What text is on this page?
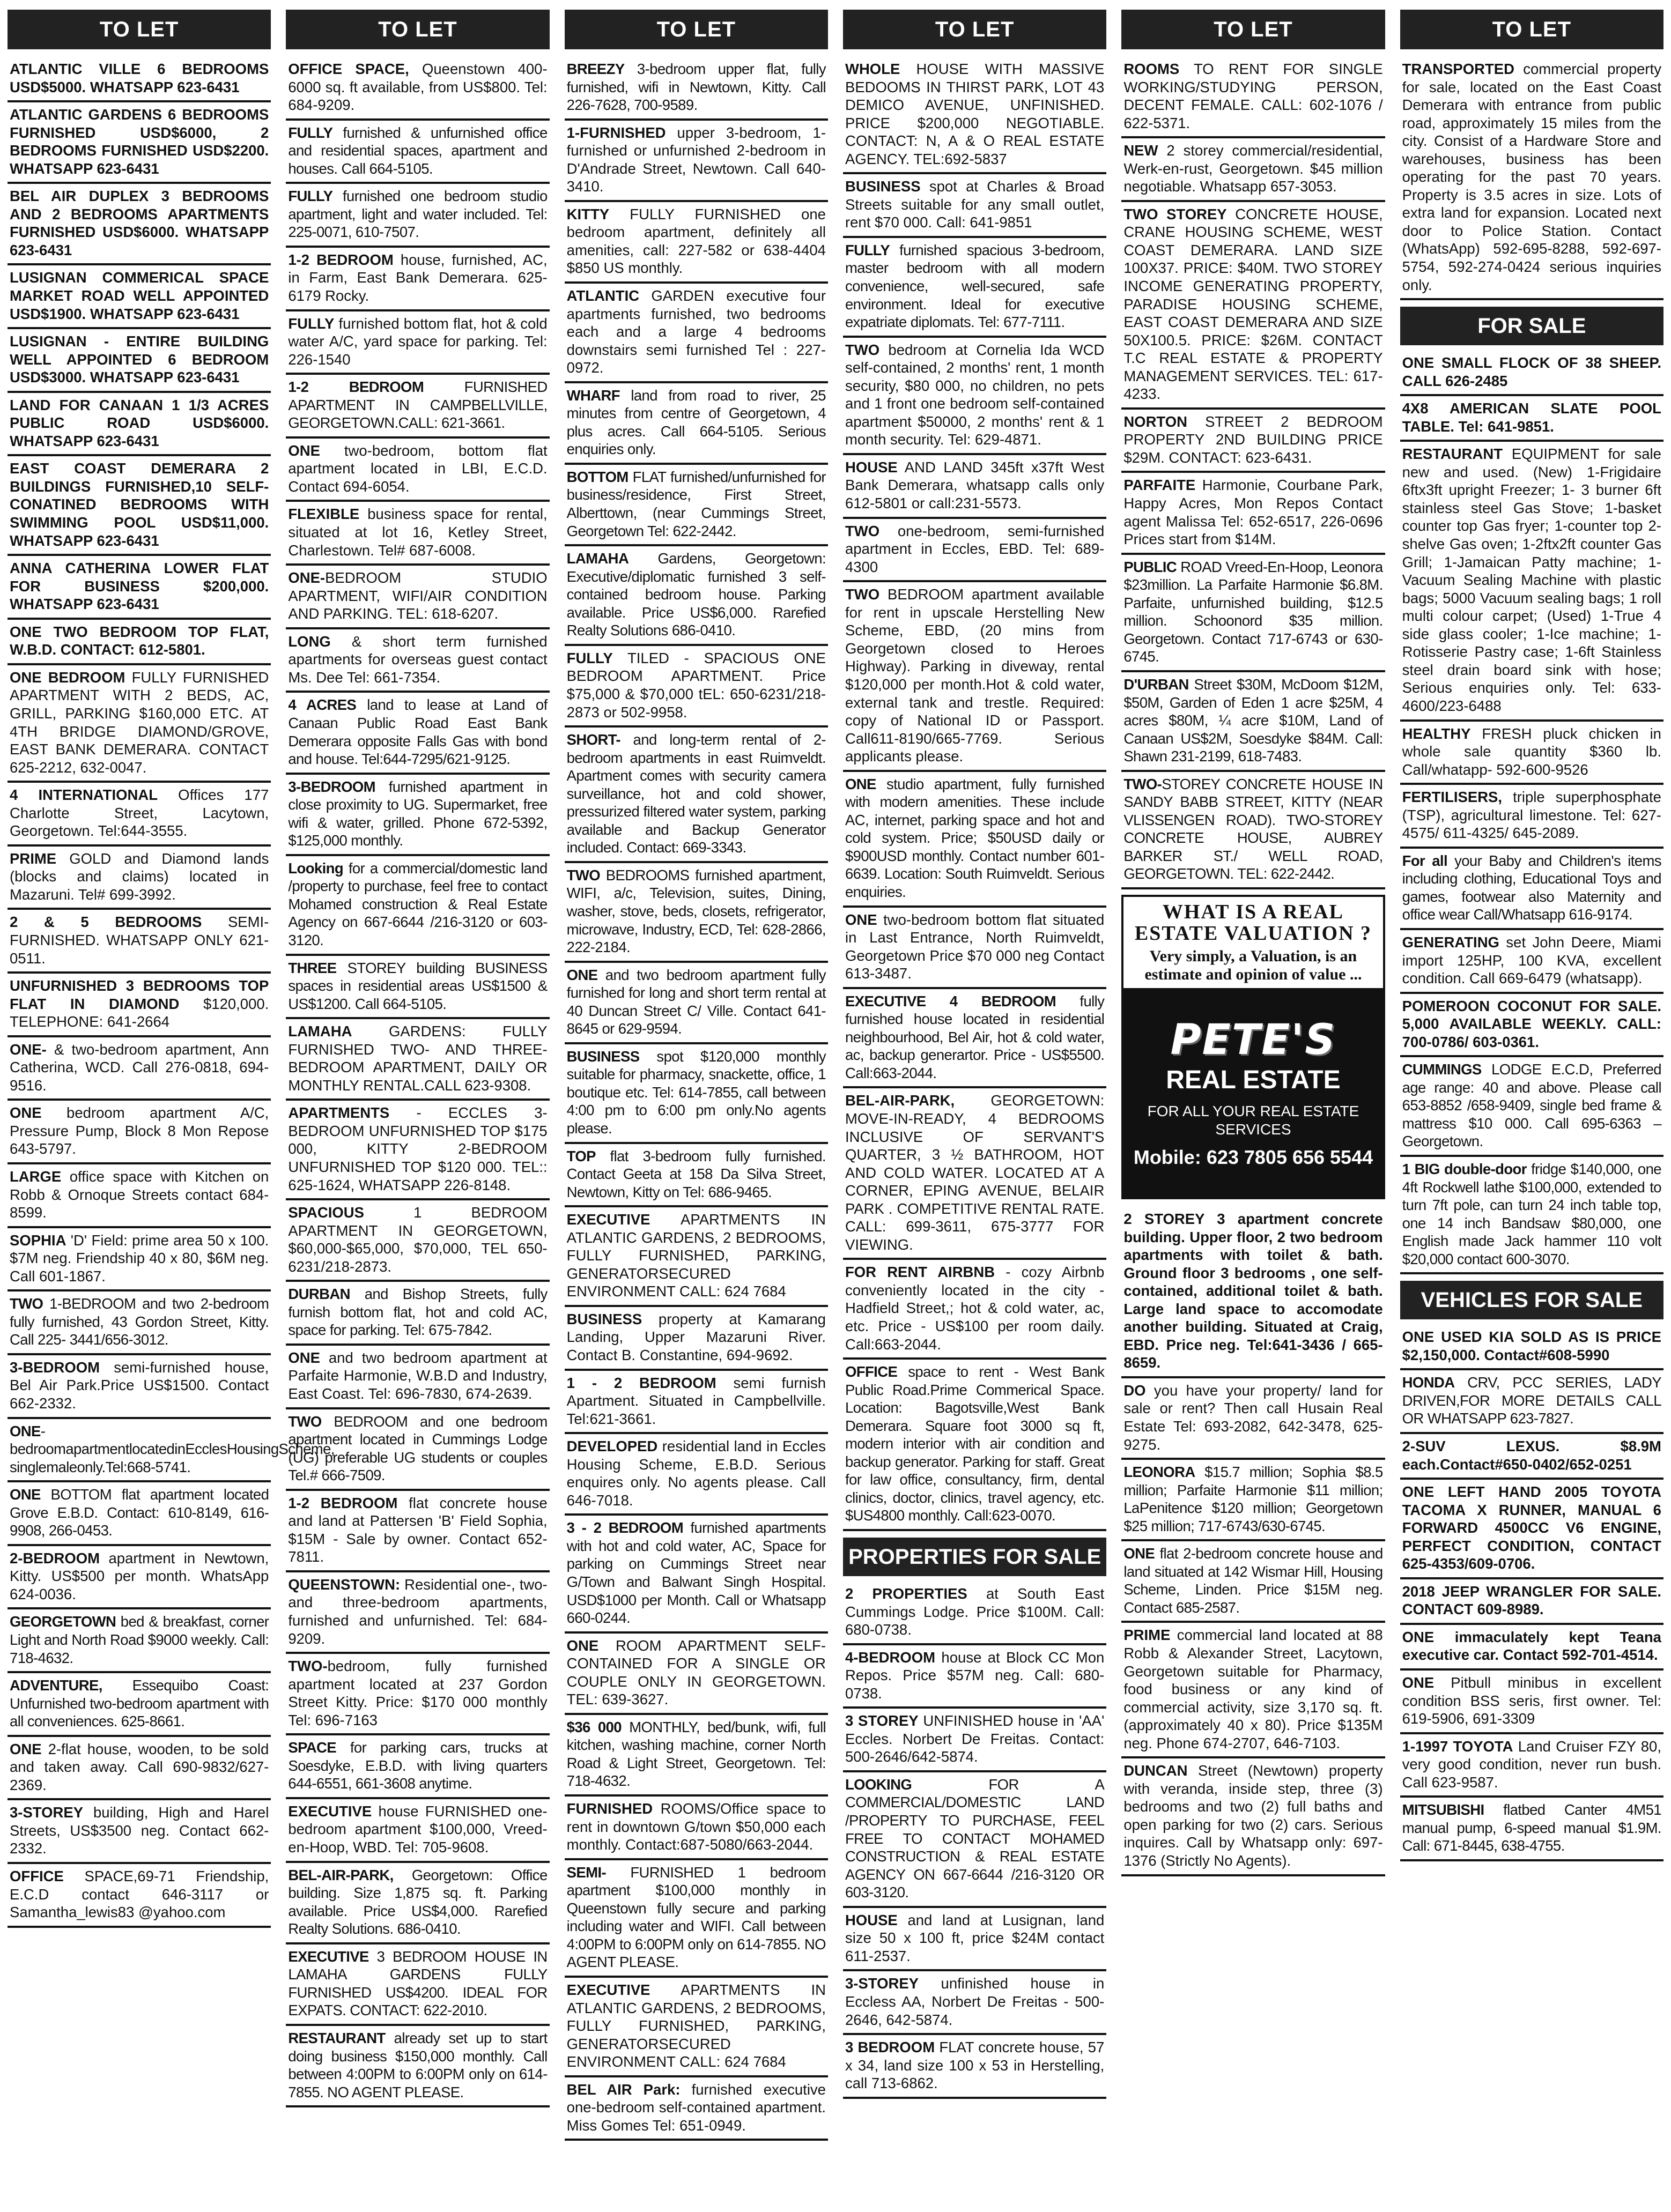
TO LET
ATLANTIC VILLE 6 BEDROOMS USD$5000. WHATSAPP 623-6431
ATLANTIC GARDENS 6 BEDROOMS FURNISHED USD$6000, 2 BEDROOMS FURNISHED USD$2200. WHATSAPP 623-6431
BEL AIR DUPLEX 3 BEDROOMS AND 2 BEDROOMS APARTMENTS FURNISHED USD$6000. WHATSAPP 623-6431
LUSIGNAN COMMERICAL SPACE MARKET ROAD WELL APPOINTED USD$1900. WHATSAPP 623-6431
LUSIGNAN - ENTIRE BUILDING WELL APPOINTED 6 BEDROOM USD$3000. WHATSAPP 623-6431
LAND FOR CANAAN 1 1/3 ACRES PUBLIC ROAD USD$6000. WHATSAPP 623-6431
EAST COAST DEMERARA 2 BUILDINGS FURNISHED,10 SELF-CONATINED BEDROOMS WITH SWIMMING POOL USD$11,000. WHATSAPP 623-6431
ANNA CATHERINA LOWER FLAT FOR BUSINESS $200,000. WHATSAPP 623-6431
ONE TWO BEDROOM TOP FLAT, W.B.D. CONTACT: 612-5801.
ONE BEDROOM FULLY FURNISHED APARTMENT WITH 2 BEDS, AC, GRILL, PARKING $160,000 ETC. AT 4TH BRIDGE DIAMOND/GROVE, EAST BANK DEMERARA. CONTACT 625-2212, 632-0047.
4 INTERNATIONAL Offices 177 Charlotte Street, Lacytown, Georgetown. Tel:644-3555.
PRIME GOLD and Diamond lands (blocks and claims) located in Mazaruni. Tel# 699-3992.
2 & 5 BEDROOMS SEMI-FURNISHED. WHATSAPP ONLY 621-0511.
UNFURNISHED 3 BEDROOMS TOP FLAT IN DIAMOND $120,000. TELEPHONE: 641-2664
ONE- & two-bedroom apartment, Ann Catherina, WCD. Call 276-0818, 694-9516.
ONE bedroom apartment A/C, Pressure Pump, Block 8 Mon Repose 643-5797.
LARGE office space with Kitchen on Robb & Ornoque Streets contact 684-8599.
SOPHIA 'D' Field: prime area 50 x 100. $7M neg. Friendship 40 x 80, $6M neg. Call 601-1867.
TWO 1-BEDROOM and two 2-bedroom fully furnished, 43 Gordon Street, Kitty. Call 225- 3441/656-3012.
3-BEDROOM semi-furnished house, Bel Air Park.Price US$1500. Contact 662-2332.
ONE-bedroomapartmentlocatedinEcclesHousingScheme, singlemaleonly.Tel:668-5741.
ONE BOTTOM flat apartment located Grove E.B.D. Contact: 610-8149, 616-9908, 266-0453.
2-BEDROOM apartment in Newtown, Kitty. US$500 per month. WhatsApp 624-0036.
GEORGETOWN bed & breakfast, corner Light and North Road $9000 weekly. Call: 718-4632.
ADVENTURE, Essequibo Coast: Unfurnished two-bedroom apartment with all conveniences. 625-8661.
ONE 2-flat house, wooden, to be sold and taken away. Call 690-9832/627-2369.
3-STOREY building, High and Harel Streets, US$3500 neg. Contact 662-2332.
OFFICE SPACE,69-71 Friendship, E.C.D contact 646-3117 or Samantha_lewis83 @yahoo.com
TO LET
OFFICE SPACE, Queenstown 400-6000 sq. ft available, from US$800. Tel: 684-9209.
FULLY furnished & unfurnished office and residential spaces, apartment and houses. Call 664-5105.
FULLY furnished one bedroom studio apartment, light and water included. Tel: 225-0071, 610-7507.
1-2 BEDROOM house, furnished, AC, in Farm, East Bank Demerara. 625-6179 Rocky.
FULLY furnished bottom flat, hot & cold water A/C, yard space for parking. Tel: 226-1540
1-2 BEDROOM FURNISHED APARTMENT IN CAMPBELLVILLE, GEORGETOWN.CALL: 621-3661.
ONE two-bedroom, bottom flat apartment located in LBI, E.C.D. Contact 694-6054.
FLEXIBLE business space for rental, situated at lot 16, Ketley Street, Charlestown. Tel# 687-6008.
ONE-BEDROOM STUDIO APARTMENT, WIFI/AIR CONDITION AND PARKING. TEL: 618-6207.
LONG & short term furnished apartments for overseas guest contact Ms. Dee Tel: 661-7354.
4 ACRES land to lease at Land of Canaan Public Road East Bank Demerara opposite Falls Gas with bond and house. Tel:644-7295/621-9125.
3-BEDROOM furnished apartment in close proximity to UG. Supermarket, free wifi & water, grilled. Phone 672-5392, $125,000 monthly.
Looking for a commercial/domestic land /property to purchase, feel free to contact Mohamed construction & Real Estate Agency on 667-6644 /216-3120 or 603-3120.
THREE STOREY building BUSINESS spaces in residential areas US$1500 & US$1200. Call 664-5105.
LAMAHA GARDENS: FULLY FURNISHED TWO- AND THREE-BEDROOM APARTMENT, DAILY OR MONTHLY RENTAL.CALL 623-9308.
APARTMENTS - ECCLES 3-BEDROOM UNFURNISHED TOP $175 000, KITTY 2-BEDROOM UNFURNISHED TOP $120 000. TEL:: 625-1624, WHATSAPP 226-8148.
SPACIOUS 1 BEDROOM APARTMENT IN GEORGETOWN, $60,000-$65,000, $70,000, TEL 650-6231/218-2873.
DURBAN and Bishop Streets, fully furnish bottom flat, hot and cold AC, space for parking. Tel: 675-7842.
ONE and two bedroom apartment at Parfaite Harmonie, W.B.D and Industry, East Coast. Tel: 696-7830, 674-2639.
TWO BEDROOM and one bedroom apartment located in Cummings Lodge (UG) preferable UG students or couples Tel.# 666-7509.
1-2 BEDROOM flat concrete house and land at Pattersen 'B' Field Sophia, $15M - Sale by owner. Contact 652-7811.
QUEENSTOWN: Residential one-, two- and three-bedroom apartments, furnished and unfurnished. Tel: 684-9209.
TWO-bedroom, fully furnished apartment located at 237 Gordon Street Kitty. Price: $170 000 monthly Tel: 696-7163
SPACE for parking cars, trucks at Soesdyke, E.B.D. with living quarters 644-6551, 661-3608 anytime.
EXECUTIVE house FURNISHED one-bedroom apartment $100,000, Vreed-en-Hoop, WBD. Tel: 705-9608.
BEL-AIR-PARK, Georgetown: Office building. Size 1,875 sq. ft. Parking available. Price US$4,000. Rarefied Realty Solutions. 686-0410.
EXECUTIVE 3 BEDROOM HOUSE IN LAMAHA GARDENS FULLY FURNISHED US$4200. IDEAL FOR EXPATS. CONTACT: 622-2010.
RESTAURANT already set up to start doing business $150,000 monthly. Call between 4:00PM to 6:00PM only on 614-7855. NO AGENT PLEASE.
TO LET
BREEZY 3-bedroom upper flat, fully furnished, wifi in Newtown, Kitty. Call 226-7628, 700-9589.
1-FURNISHED upper 3-bedroom, 1-furnished or unfurnished 2-bedroom in D'Andrade Street, Newtown. Call 640-3410.
KITTY FULLY FURNISHED one bedroom apartment, definitely all amenities, call: 227-582 or 638-4404 $850 US monthly.
ATLANTIC GARDEN executive four apartments furnished, two bedrooms each and a large 4 bedrooms downstairs semi furnished Tel : 227-0972.
WHARF land from road to river, 25 minutes from centre of Georgetown, 4 plus acres. Call 664-5105. Serious enquiries only.
BOTTOM FLAT furnished/unfurnished for business/residence, First Street, Alberttown, (near Cummings Street, Georgetown Tel: 622-2442.
LAMAHA Gardens, Georgetown: Executive/diplomatic furnished 3 self-contained bedroom house. Parking available. Price US$6,000. Rarefied Realty Solutions 686-0410.
FULLY TILED - SPACIOUS ONE BEDROOM APARTMENT. Price $75,000 & $70,000 tEL: 650-6231/218-2873 or 502-9958.
SHORT- and long-term rental of 2-bedroom apartments in east Ruimveldt. Apartment comes with security camera surveillance, hot and cold shower, pressurized filtered water system, parking available and Backup Generator included. Contact: 669-3343.
TWO BEDROOMS furnished apartment, WIFI, a/c, Television, suites, Dining, washer, stove, beds, closets, refrigerator, microwave, Industry, ECD, Tel: 628-2866, 222-2184.
ONE and two bedroom apartment fully furnished for long and short term rental at 40 Duncan Street C/ Ville. Contact 641-8645 or 629-9594.
BUSINESS spot $120,000 monthly suitable for pharmacy, snackette, office, 1 boutique etc. Tel: 614-7855, call between 4:00 pm to 6:00 pm only.No agents please.
TOP flat 3-bedroom fully furnished. Contact Geeta at 158 Da Silva Street, Newtown, Kitty on Tel: 686-9465.
EXECUTIVE APARTMENTS IN ATLANTIC GARDENS, 2 BEDROOMS, FULLY FURNISHED, PARKING, GENERATORSECURED ENVIRONMENT CALL: 624 7684
BUSINESS property at Kamarang Landing, Upper Mazaruni River. Contact B. Constantine, 694-9692.
1 - 2 BEDROOM semi furnish Apartment. Situated in Campbellville. Tel:621-3661.
DEVELOPED residential land in Eccles Housing Scheme, E.B.D. Serious enquires only. No agents please. Call 646-7018.
3 - 2 BEDROOM furnished apartments with hot and cold water, AC, Space for parking on Cummings Street near G/Town and Balwant Singh Hospital. USD$1000 per Month. Call or Whatsapp 660-0244.
ONE ROOM APARTMENT SELF-CONTAINED FOR A SINGLE OR COUPLE ONLY IN GEORGETOWN. TEL: 639-3627.
$36 000 MONTHLY, bed/bunk, wifi, full kitchen, washing machine, corner North Road & Light Street, Georgetown. Tel: 718-4632.
FURNISHED ROOMS/Office space to rent in downtown G/town $50,000 each monthly. Contact:687-5080/663-2044.
SEMI- FURNISHED 1 bedroom apartment $100,000 monthly in Queenstown fully secure and parking including water and WIFI. Call between 4:00PM to 6:00PM only on 614-7855. NO AGENT PLEASE.
EXECUTIVE APARTMENTS IN ATLANTIC GARDENS, 2 BEDROOMS, FULLY FURNISHED, PARKING, GENERATORSECURED ENVIRONMENT CALL: 624 7684
BEL AIR Park: furnished executive one-bedroom self-contained apartment. Miss Gomes Tel: 651-0949.
TO LET
WHOLE HOUSE WITH MASSIVE BEDOOMS IN THIRST PARK, LOT 43 DEMICO AVENUE, UNFINISHED. PRICE $200,000 NEGOTIABLE. CONTACT: N, A & O REAL ESTATE AGENCY. TEL:692-5837
BUSINESS spot at Charles & Broad Streets suitable for any small outlet, rent $70 000. Call: 641-9851
FULLY furnished spacious 3-bedroom, master bedroom with all modern convenience, well-secured, safe environment. Ideal for executive expatriate diplomats. Tel: 677-7111.
TWO bedroom at Cornelia Ida WCD self-contained, 2 months' rent, 1 month security, $80 000, no children, no pets and 1 front one bedroom self-contained apartment $50000, 2 months' rent & 1 month security. Tel: 629-4871.
HOUSE AND LAND 345ft x37ft West Bank Demerara, whatsapp calls only 612-5801 or call:231-5573.
TWO one-bedroom, semi-furnished apartment in Eccles, EBD. Tel: 689-4300
TWO BEDROOM apartment available for rent in upscale Herstelling New Scheme, EBD, (20 mins from Georgetown closed to Heroes Highway). Parking in diveway, rental $120,000 per month.Hot & cold water, external tank and trestle. Required: copy of National ID or Passport. Call611-8190/665-7769. Serious applicants please.
ONE studio apartment, fully furnished with modern amenities. These include AC, internet, parking space and hot and cold system. Price; $50USD daily or $900USD monthly. Contact number 601-6639. Location: South Ruimveldt. Serious enquiries.
ONE two-bedroom bottom flat situated in Last Entrance, North Ruimveldt, Georgetown Price $70 000 neg Contact 613-3487.
EXECUTIVE 4 BEDROOM fully furnished house located in residential neighbourhood, Bel Air, hot & cold water, ac, backup generartor. Price - US$5500. Call:663-2044.
BEL-AIR-PARK, GEORGETOWN: MOVE-IN-READY, 4 BEDROOMS INCLUSIVE OF SERVANT'S QUARTER, 3 ½ BATHROOM, HOT AND COLD WATER. LOCATED AT A CORNER, EPING AVENUE, BELAIR PARK . COMPETITIVE RENTAL RATE. CALL: 699-3611, 675-3777 FOR VIEWING.
FOR RENT AIRBNB - cozy Airbnb conveniently located in the city - Hadfield Street,; hot & cold water, ac, etc. Price - US$100 per room daily. Call:663-2044.
OFFICE space to rent - West Bank Public Road.Prime Commerical Space. Location: Bagotsville,West Bank Demerara. Square foot 3000 sq ft, modern interior with air condition and backup generator. Parking for staff. Great for law office, consultancy, firm, dental clinics, doctor, clinics, travel agency, etc. $US4800 monthly. Call:623-0070.
PROPERTIES FOR SALE
2 PROPERTIES at South East Cummings Lodge. Price $100M. Call: 680-0738.
4-BEDROOM house at Block CC Mon Repos. Price $57M neg. Call: 680-0738.
3 STOREY UNFINISHED house in 'AA' Eccles. Norbert De Freitas. Contact: 500-2646/642-5874.
LOOKING FOR A COMMERCIAL/DOMESTIC LAND /PROPERTY TO PURCHASE, FEEL FREE TO CONTACT MOHAMED CONSTRUCTION & REAL ESTATE AGENCY ON 667-6644 /216-3120 OR 603-3120.
HOUSE and land at Lusignan, land size 50 x 100 ft, price $24M contact 611-2537.
3-STOREY unfinished house in Eccless AA, Norbert De Freitas - 500-2646, 642-5874.
3 BEDROOM FLAT concrete house, 57 x 34, land size 100 x 53 in Herstelling, call 713-6862.
TO LET
ROOMS TO RENT FOR SINGLE WORKING/STUDYING PERSON, DECENT FEMALE. CALL: 602-1076 / 622-5371.
NEW 2 storey commercial/residential, Werk-en-rust, Georgetown. $45 million negotiable. Whatsapp 657-3053.
TWO STOREY CONCRETE HOUSE, CRANE HOUSING SCHEME, WEST COAST DEMERARA. LAND SIZE 100X37. PRICE: $40M. TWO STOREY INCOME GENERATING PROPERTY, PARADISE HOUSING SCHEME, EAST COAST DEMERARA AND SIZE 50X100.5. PRICE: $26M. CONTACT T.C REAL ESTATE & PROPERTY MANAGEMENT SERVICES. TEL: 617-4233.
NORTON STREET 2 BEDROOM PROPERTY 2ND BUILDING PRICE $29M. CONTACT: 623-6431.
PARFAITE Harmonie, Courbane Park, Happy Acres, Mon Repos Contact agent Malissa Tel: 652-6517, 226-0696 Prices start from $14M.
PUBLIC ROAD Vreed-En-Hoop, Leonora $23million. La Parfaite Harmonie $6.8M. Parfaite, unfurnished building, $12.5 million. Schoonord $35 million. Georgetown. Contact 717-6743 or 630-6745.
D'URBAN Street $30M, McDoom $12M, $50M, Garden of Eden 1 acre $25M, 4 acres $80M, ¼ acre $10M, Land of Canaan US$2M, Soesdyke $84M. Call: Shawn 231-2199, 618-7483.
TWO-STOREY CONCRETE HOUSE IN SANDY BABB STREET, KITTY (NEAR VLISSENGEN ROAD). TWO-STOREY CONCRETE HOUSE, AUBREY BARKER ST./ WELL ROAD, GEORGETOWN. TEL: 622-2442.
WHAT IS A REAL ESTATE VALUATION ?
Very simply, a Valuation, is an estimate and opinion of value ...
PETE'S
REAL ESTATE
FOR ALL YOUR REAL ESTATE SERVICES
Mobile: 623 7805 656 5544
2 STOREY 3 apartment concrete building. Upper floor, 2 two bedroom apartments with toilet & bath. Ground floor 3 bedrooms , one self-contained, additional toilet & bath. Large land space to accomodate another building. Situated at Craig, EBD. Price neg. Tel:641-3436 / 665-8659.
DO you have your property/ land for sale or rent? Then call Husain Real Estate Tel: 693-2082, 642-3478, 625-9275.
LEONORA $15.7 million; Sophia $8.5 million; Parfaite Harmonie $11 million; LaPenitence $120 million; Georgetown $25 million; 717-6743/630-6745.
ONE flat 2-bedroom concrete house and land situated at 142 Wismar Hill, Housing Scheme, Linden. Price $15M neg. Contact 685-2587.
PRIME commercial land located at 88 Robb & Alexander Street, Lacytown, Georgetown suitable for Pharmacy, food business or any kind of commercial activity, size 3,170 sq. ft. (approximately 40 x 80). Price $135M neg. Phone 674-2707, 646-7103.
DUNCAN Street (Newtown) property with veranda, inside step, three (3) bedrooms and two (2) full baths and open parking for two (2) cars. Serious inquires. Call by Whatsapp only: 697-1376 (Strictly No Agents).
TO LET
TRANSPORTED commercial property for sale, located on the East Coast Demerara with entrance from public road, approximately 15 miles from the city. Consist of a Hardware Store and warehouses, business has been operating for the past 70 years. Property is 3.5 acres in size. Lots of extra land for expansion. Located next door to Police Station. Contact (WhatsApp) 592-695-8288, 592-697-5754, 592-274-0424 serious inquiries only.
FOR SALE
ONE SMALL FLOCK OF 38 SHEEP. CALL 626-2485
4X8 AMERICAN SLATE POOL TABLE. Tel: 641-9851.
RESTAURANT EQUIPMENT for sale new and used. (New) 1-Frigidaire 6ftx3ft upright Freezer; 1- 3 burner 6ft stainless steel Gas Stove; 1-basket counter top Gas fryer; 1-counter top 2-shelve Gas oven; 1-2ftx2ft counter Gas Grill; 1-Jamaican Patty machine; 1-Vacuum Sealing Machine with plastic bags; 5000 Vacuum sealing bags; 1 roll multi colour carpet; (Used) 1-True 4 side glass cooler; 1-Ice machine; 1-Rotisserie Pastry case; 1-6ft Stainless steel drain board sink with hose; Serious enquiries only. Tel: 633-4600/223-6488
HEALTHY FRESH pluck chicken in whole sale quantity $360 lb. Call/whatapp- 592-600-9526
FERTILISERS, triple superphosphate (TSP), agricultural limestone. Tel: 627-4575/ 611-4325/ 645-2089.
For all your Baby and Children's items including clothing, Educational Toys and games, footwear also Maternity and office wear Call/Whatsapp 616-9174.
GENERATING set John Deere, Miami import 125HP, 100 KVA, excellent condition. Call 669-6479 (whatsapp).
POMEROON COCONUT FOR SALE. 5,000 AVAILABLE WEEKLY. CALL: 700-0786/ 603-0361.
CUMMINGS LODGE E.C.D, Preferred age range: 40 and above. Please call 653-8852 /658-9409, single bed frame & mattress $10 000. Call 695-6363 – Georgetown.
1 BIG double-door fridge $140,000, one 4ft Rockwell lathe $100,000, extended to turn 7ft pole, can turn 24 inch table top, one 14 inch Bandsaw $80,000, one English made Jack hammer 110 volt $20,000 contact 600-3070.
VEHICLES FOR SALE
ONE USED KIA SOLD AS IS PRICE $2,150,000. Contact#608-5990
HONDA CRV, PCC SERIES, LADY DRIVEN,FOR MORE DETAILS CALL OR WHATSAPP 623-7827.
2-SUV LEXUS. $8.9M each.Contact#650-0402/652-0251
ONE LEFT HAND 2005 TOYOTA TACOMA X RUNNER, MANUAL 6 FORWARD 4500CC V6 ENGINE, PERFECT CONDITION, CONTACT 625-4353/609-0706.
2018 JEEP WRANGLER FOR SALE. CONTACT 609-8989.
ONE immaculately kept Teana executive car. Contact 592-701-4514.
ONE Pitbull minibus in excellent condition BSS seris, first owner. Tel: 619-5906, 691-3309
1-1997 TOYOTA Land Cruiser FZY 80, very good condition, never run bush. Call 623-9587.
MITSUBISHI flatbed Canter 4M51 manual pump, 6-speed manual $1.9M. Call: 671-8445, 638-4755.
